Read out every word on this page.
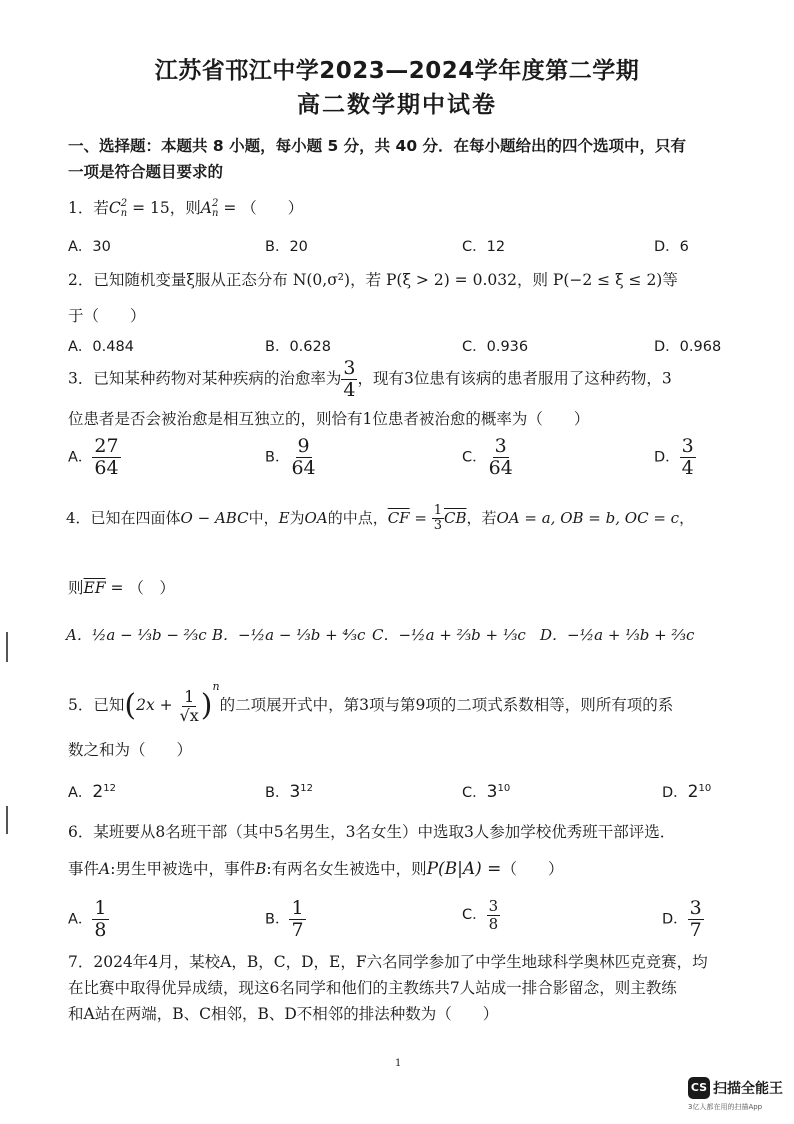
江苏省邗江中学2023—2024学年度第二学期
高二数学期中试卷
一、选择题：本题共 8 小题，每小题 5 分，共 40 分．在每小题给出的四个选项中，只有
一项是符合题目要求的
1．若C 2
n = 15，则A 2
n = （　　）
A．30	B．20	C．12	D．6
2．已知随机变量ξ服从正态分布 N(0,σ²)，若 P(ξ > 2) = 0.032，则 P(−2 ≤ ξ ≤ 2)等
于（　　）
A．0.484	B．0.628	C．0.936	D．0.968
3．已知某种药物对某种疾病的治愈率为 $\frac{3}{4}$ ，现有3位患有该病的患者服用了这种药物，3
位患者是否会被治愈是相互独立的，则恰有1位患者被治愈的概率为（　　）
A． $\frac{27}{64}$	B． $\frac{9}{64}$	C． $\frac{3}{64}$	D． $\frac{3}{4}$
4．已知在四面体O − ABC中，E为OA的中点，$\overline{CF} = \frac{1}{3} \overline{CB}$，若OA = a, OB = b, OC = c，
则$\overline{EF}$ = （　）
A．½a − ⅓b − ⅔c B．−½a − ⅓b + ⁴⁄₃c C．−½a + ⅔b + ⅓c D．−½a + ⅓b + ⅔c
5．已知$(2x + \frac{1}{√x} )^n$的二项展开式中，第3项与第9项的二项式系数相等，则所有项的系
数之和为（　　）
A．$2^{12}$	B．$3^{12}$	C．$3^{10}$	D．$2^{10}$
6．某班要从8名班干部（其中5名男生，3名女生）中选取3人参加学校优秀班干部评选．
事件A:男生甲被选中，事件B:有两名女生被选中，则P(B|A) =（　　）
A． $\frac{1}{8}$	B． $\frac{1}{7}$	C． $\frac{3}{8}$	D． $\frac{3}{7}$
7．2024年4月，某校A，B，C，D，E，F六名同学参加了中学生地球科学奥林匹克竞赛，均
在比赛中取得优异成绩，现这6名同学和他们的主教练共7人站成一排合影留念，则主教练
和A站在两端，B、C相邻，B、D不相邻的排法种数为（　　）
1
CS 扫描全能王
3亿人都在用的扫描App
